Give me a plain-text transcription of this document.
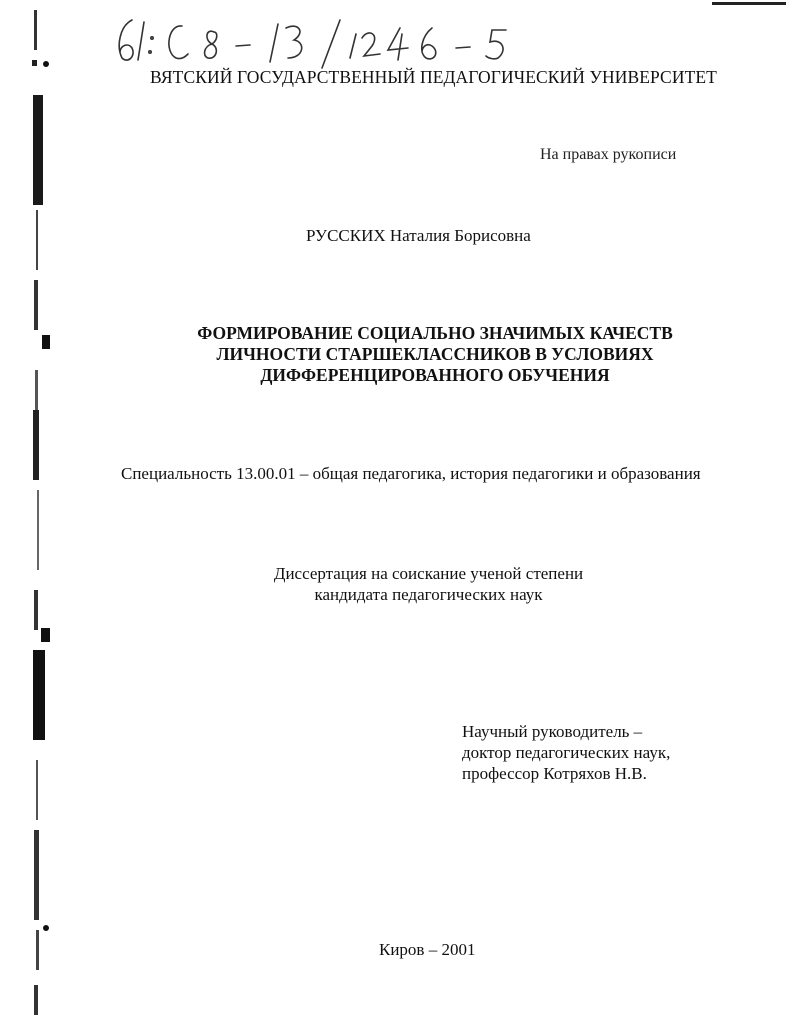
ВЯТСКИЙ ГОСУДАРСТВЕННЫЙ ПЕДАГОГИЧЕСКИЙ УНИВЕРСИТЕТ

На правах рукописи

РУССКИХ Наталия Борисовна

ФОРМИРОВАНИЕ СОЦИАЛЬНО ЗНАЧИМЫХ КАЧЕСТВ
ЛИЧНОСТИ СТАРШЕКЛАССНИКОВ В УСЛОВИЯХ
ДИФФЕРЕНЦИРОВАННОГО ОБУЧЕНИЯ

Специальность 13.00.01 – общая педагогика, история педагогики и образования

Диссертация на соискание ученой степени
кандидата педагогических наук
Научный руководитель –
доктор педагогических наук,
профессор Котряхов Н.В.

Киров – 2001
